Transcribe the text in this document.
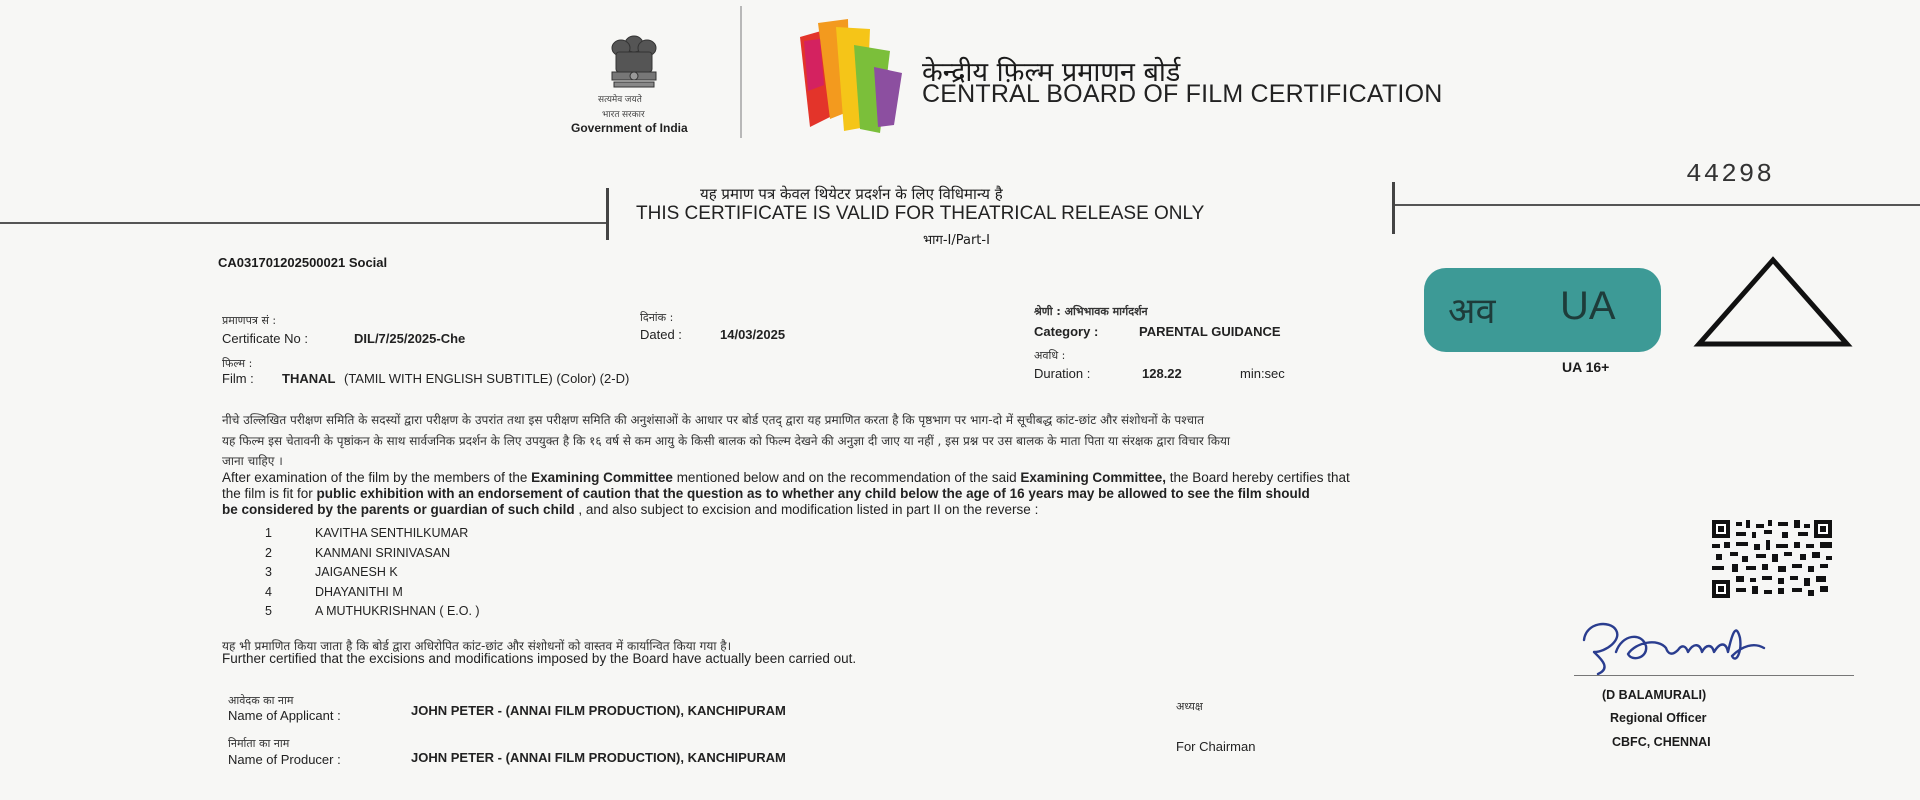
सत्यमेव जयते
भारत सरकार
Government of India
केन्द्रीय फ़िल्म प्रमाणन बोर्ड
CENTRAL BOARD OF FILM CERTIFICATION
44298
यह प्रमाण पत्र केवल थियेटर प्रदर्शन के लिए विधिमान्य है
THIS CERTIFICATE IS VALID FOR THEATRICAL RELEASE ONLY
भाग-I/Part-I
CA031701202500021 Social
प्रमाणपत्र सं :
Certificate No :	DIL/7/25/2025-Che
दिनांक :
Dated :	14/03/2025
श्रेणी : अभिभावक मार्गदर्शन
Category :	PARENTAL GUIDANCE
फिल्म :
Film : THANAL (TAMIL WITH ENGLISH SUBTITLE) (Color) (2-D)
अवधि :
Duration :	128.22	min:sec
अव UA
UA 16+
नीचे उल्लिखित परीक्षण समिति के सदस्यों द्वारा परीक्षण के उपरांत तथा इस परीक्षण समिति की अनुशंसाओं के आधार पर बोर्ड एतद् द्वारा यह प्रमाणित करता है कि पृष्ठभाग पर भाग-दो में सूचीबद्ध कांट-छांट और संशोधनों के पश्चात
यह फिल्म इस चेतावनी के पृष्ठांकन के साथ सार्वजनिक प्रदर्शन के लिए उपयुक्त है कि १६ वर्ष से कम आयु के किसी बालक को फिल्म देखने की अनुज्ञा दी जाए या नहीं , इस प्रश्न पर उस बालक के माता पिता या संरक्षक द्वारा विचार किया
जाना चाहिए ।
After examination of the film by the members of the Examining Committee mentioned below and on the recommendation of the said Examining Committee, the Board hereby certifies that
the film is fit for public exhibition with an endorsement of caution that the question as to whether any child below the age of 16 years may be allowed to see the film should
be considered by the parents or guardian of such child , and also subject to excision and modification listed in part II on the reverse :
1	KAVITHA SENTHILKUMAR
2	KANMANI SRINIVASAN
3	JAIGANESH K
4	DHAYANITHI M
5	A MUTHUKRISHNAN ( E.O. )
यह भी प्रमाणित किया जाता है कि बोर्ड द्वारा अधिरोपित कांट-छांट और संशोधनों को वास्तव में कार्यान्वित किया गया है।
Further certified that the excisions and modifications imposed by the Board have actually been carried out.
(D BALAMURALI)
Regional Officer
CBFC, CHENNAI
आवेदक का नाम
Name of Applicant :	JOHN PETER - (ANNAI FILM PRODUCTION), KANCHIPURAM	अध्यक्ष
For Chairman
निर्माता का नाम
Name of Producer :	JOHN PETER - (ANNAI FILM PRODUCTION), KANCHIPURAM
